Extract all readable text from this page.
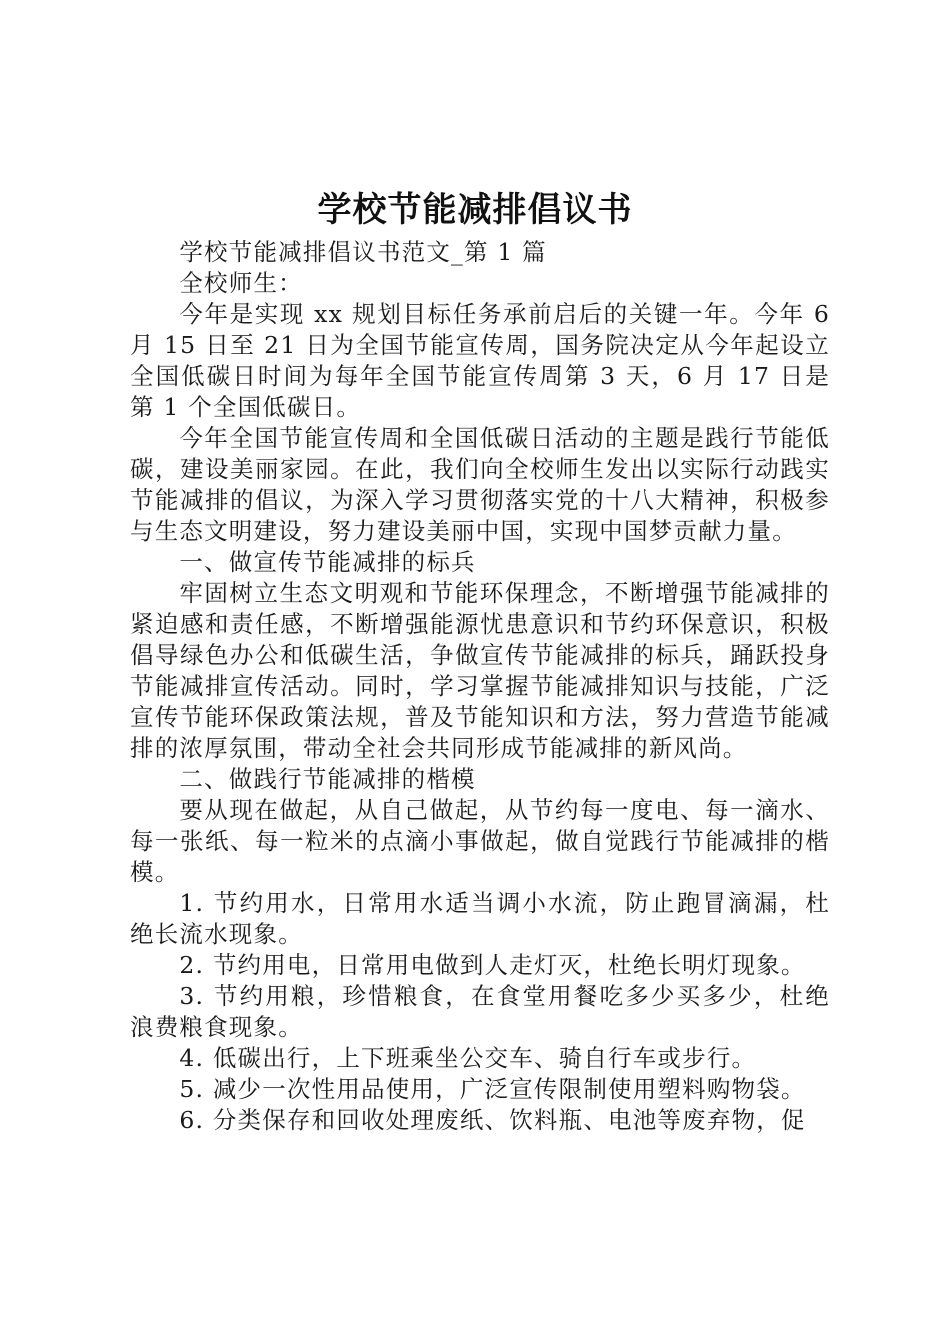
学校节能减排倡议书

学校节能减排倡议书范文_第 1 篇

全校师生：

今年是实现 xx 规划目标任务承前启后的关键一年。今年 6 月 15 日至 21 日为全国节能宣传周，国务院决定从今年起设立全国低碳日时间为每年全国节能宣传周第 3 天，6 月 17 日是第 1 个全国低碳日。

今年全国节能宣传周和全国低碳日活动的主题是践行节能低碳，建设美丽家园。在此，我们向全校师生发出以实际行动践实节能减排的倡议，为深入学习贯彻落实党的十八大精神，积极参与生态文明建设，努力建设美丽中国，实现中国梦贡献力量。

一、做宣传节能减排的标兵

牢固树立生态文明观和节能环保理念，不断增强节能减排的紧迫感和责任感，不断增强能源忧患意识和节约环保意识，积极倡导绿色办公和低碳生活，争做宣传节能减排的标兵，踊跃投身节能减排宣传活动。同时，学习掌握节能减排知识与技能，广泛宣传节能环保政策法规，普及节能知识和方法，努力营造节能减排的浓厚氛围，带动全社会共同形成节能减排的新风尚。

二、做践行节能减排的楷模

要从现在做起，从自己做起，从节约每一度电、每一滴水、每一张纸、每一粒米的点滴小事做起，做自觉践行节能减排的楷模。

1. 节约用水，日常用水适当调小水流，防止跑冒滴漏，杜绝长流水现象。

2. 节约用电，日常用电做到人走灯灭，杜绝长明灯现象。

3. 节约用粮，珍惜粮食，在食堂用餐吃多少买多少，杜绝浪费粮食现象。

4. 低碳出行，上下班乘坐公交车、骑自行车或步行。

5. 减少一次性用品使用，广泛宣传限制使用塑料购物袋。

6. 分类保存和回收处理废纸、饮料瓶、电池等废弃物，促
